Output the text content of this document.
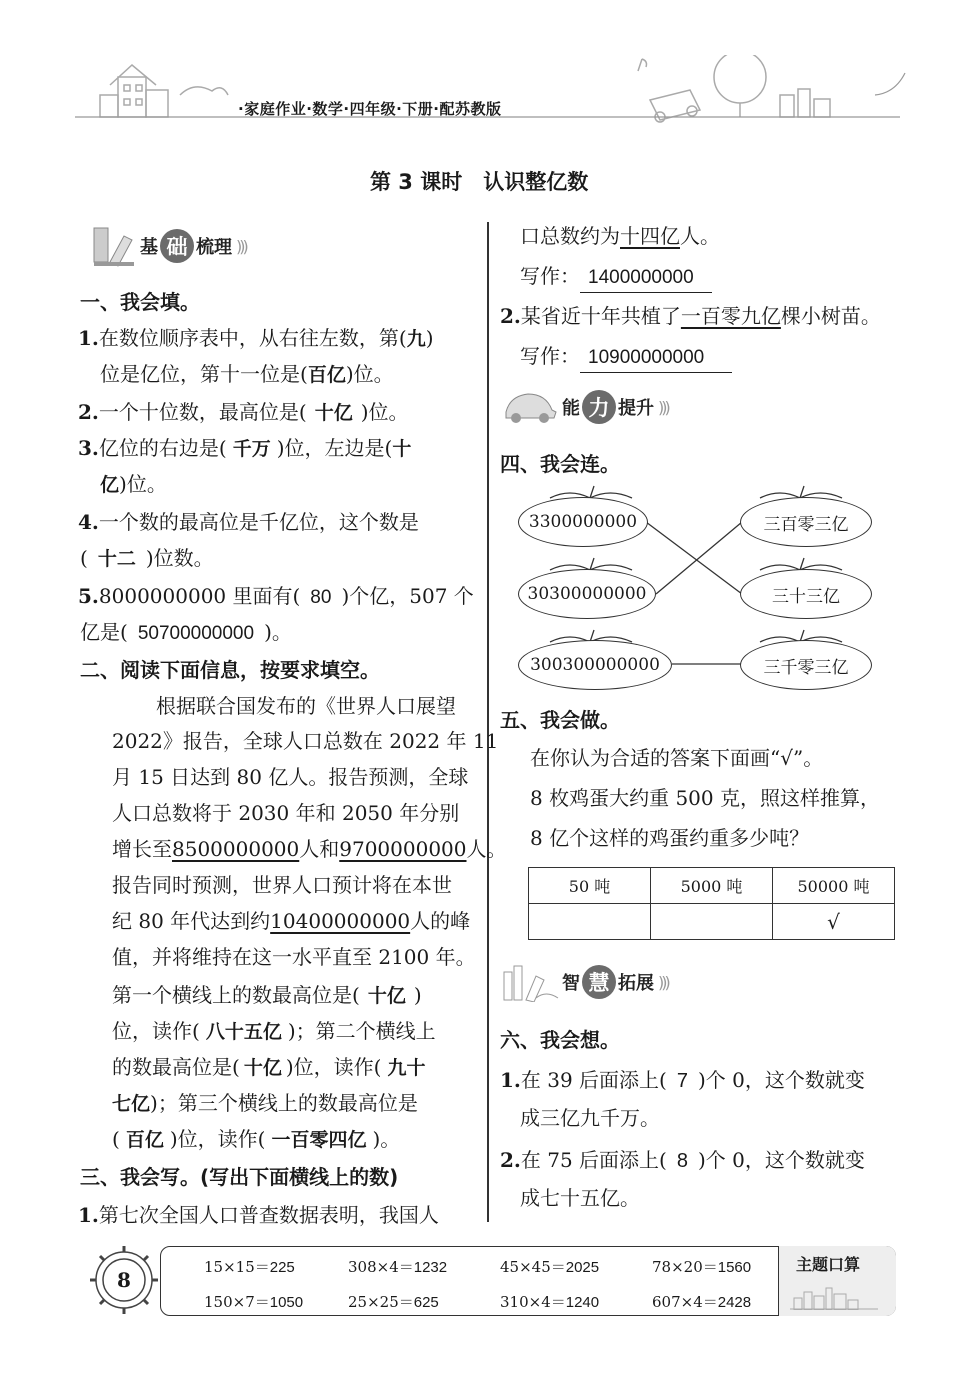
·家庭作业·数学·四年级·下册·配苏教版
第 3 课时　认识整亿数
基 础 梳理 )))
一、我会填。
1.在数位顺序表中，从右往左数，第(九)
位是亿位，第十一位是(百亿)位。
2.一个十位数，最高位是( 十亿 )位。
3.亿位的右边是( 千万 )位，左边是(十
亿)位。
4.一个数的最高位是千亿位，这个数是
( 十二 )位数。
5.8000000000 里面有( 80 )个亿，507 个
亿是( 50700000000 )。
二、阅读下面信息，按要求填空。
根据联合国发布的《世界人口展望
2022》报告，全球人口总数在 2022 年 11
月 15 日达到 80 亿人。报告预测，全球
人口总数将于 2030 年和 2050 年分别
增长至8500000000人和9700000000人。
报告同时预测，世界人口预计将在本世
纪 80 年代达到约10400000000人的峰
值，并将维持在这一水平直至 2100 年。
第一个横线上的数最高位是( 十亿 )
位，读作( 八十五亿 )；第二个横线上
的数最高位是( 十亿 )位，读作( 九十
七亿)；第三个横线上的数最高位是
( 百亿 )位，读作( 一百零四亿 )。
三、我会写。(写出下面横线上的数)
1.第七次全国人口普查数据表明，我国人
口总数约为十四亿人。
写作： 1400000000
2.某省近十年共植了一百零九亿棵小树苗。
写作： 10900000000
能 力 提升 )))
四、我会连。
3300000000
30300000000
300300000000
三百零三亿
三十三亿
三千零三亿
五、我会做。
在你认为合适的答案下面画“√”。
8 枚鸡蛋大约重 500 克，照这样推算，
8 亿个这样的鸡蛋约重多少吨？
50 吨	5000 吨	50000 吨
		√
智 慧 拓展 )))
六、我会想。
1.在 39 后面添上( 7 )个 0，这个数就变
成三亿九千万。
2.在 75 后面添上( 8 )个 0，这个数就变
成七十五亿。
8
主题口算
15×15＝225	308×4＝1232	45×45＝2025	78×20＝1560
150×7＝1050	25×25＝625	310×4＝1240	607×4＝2428
